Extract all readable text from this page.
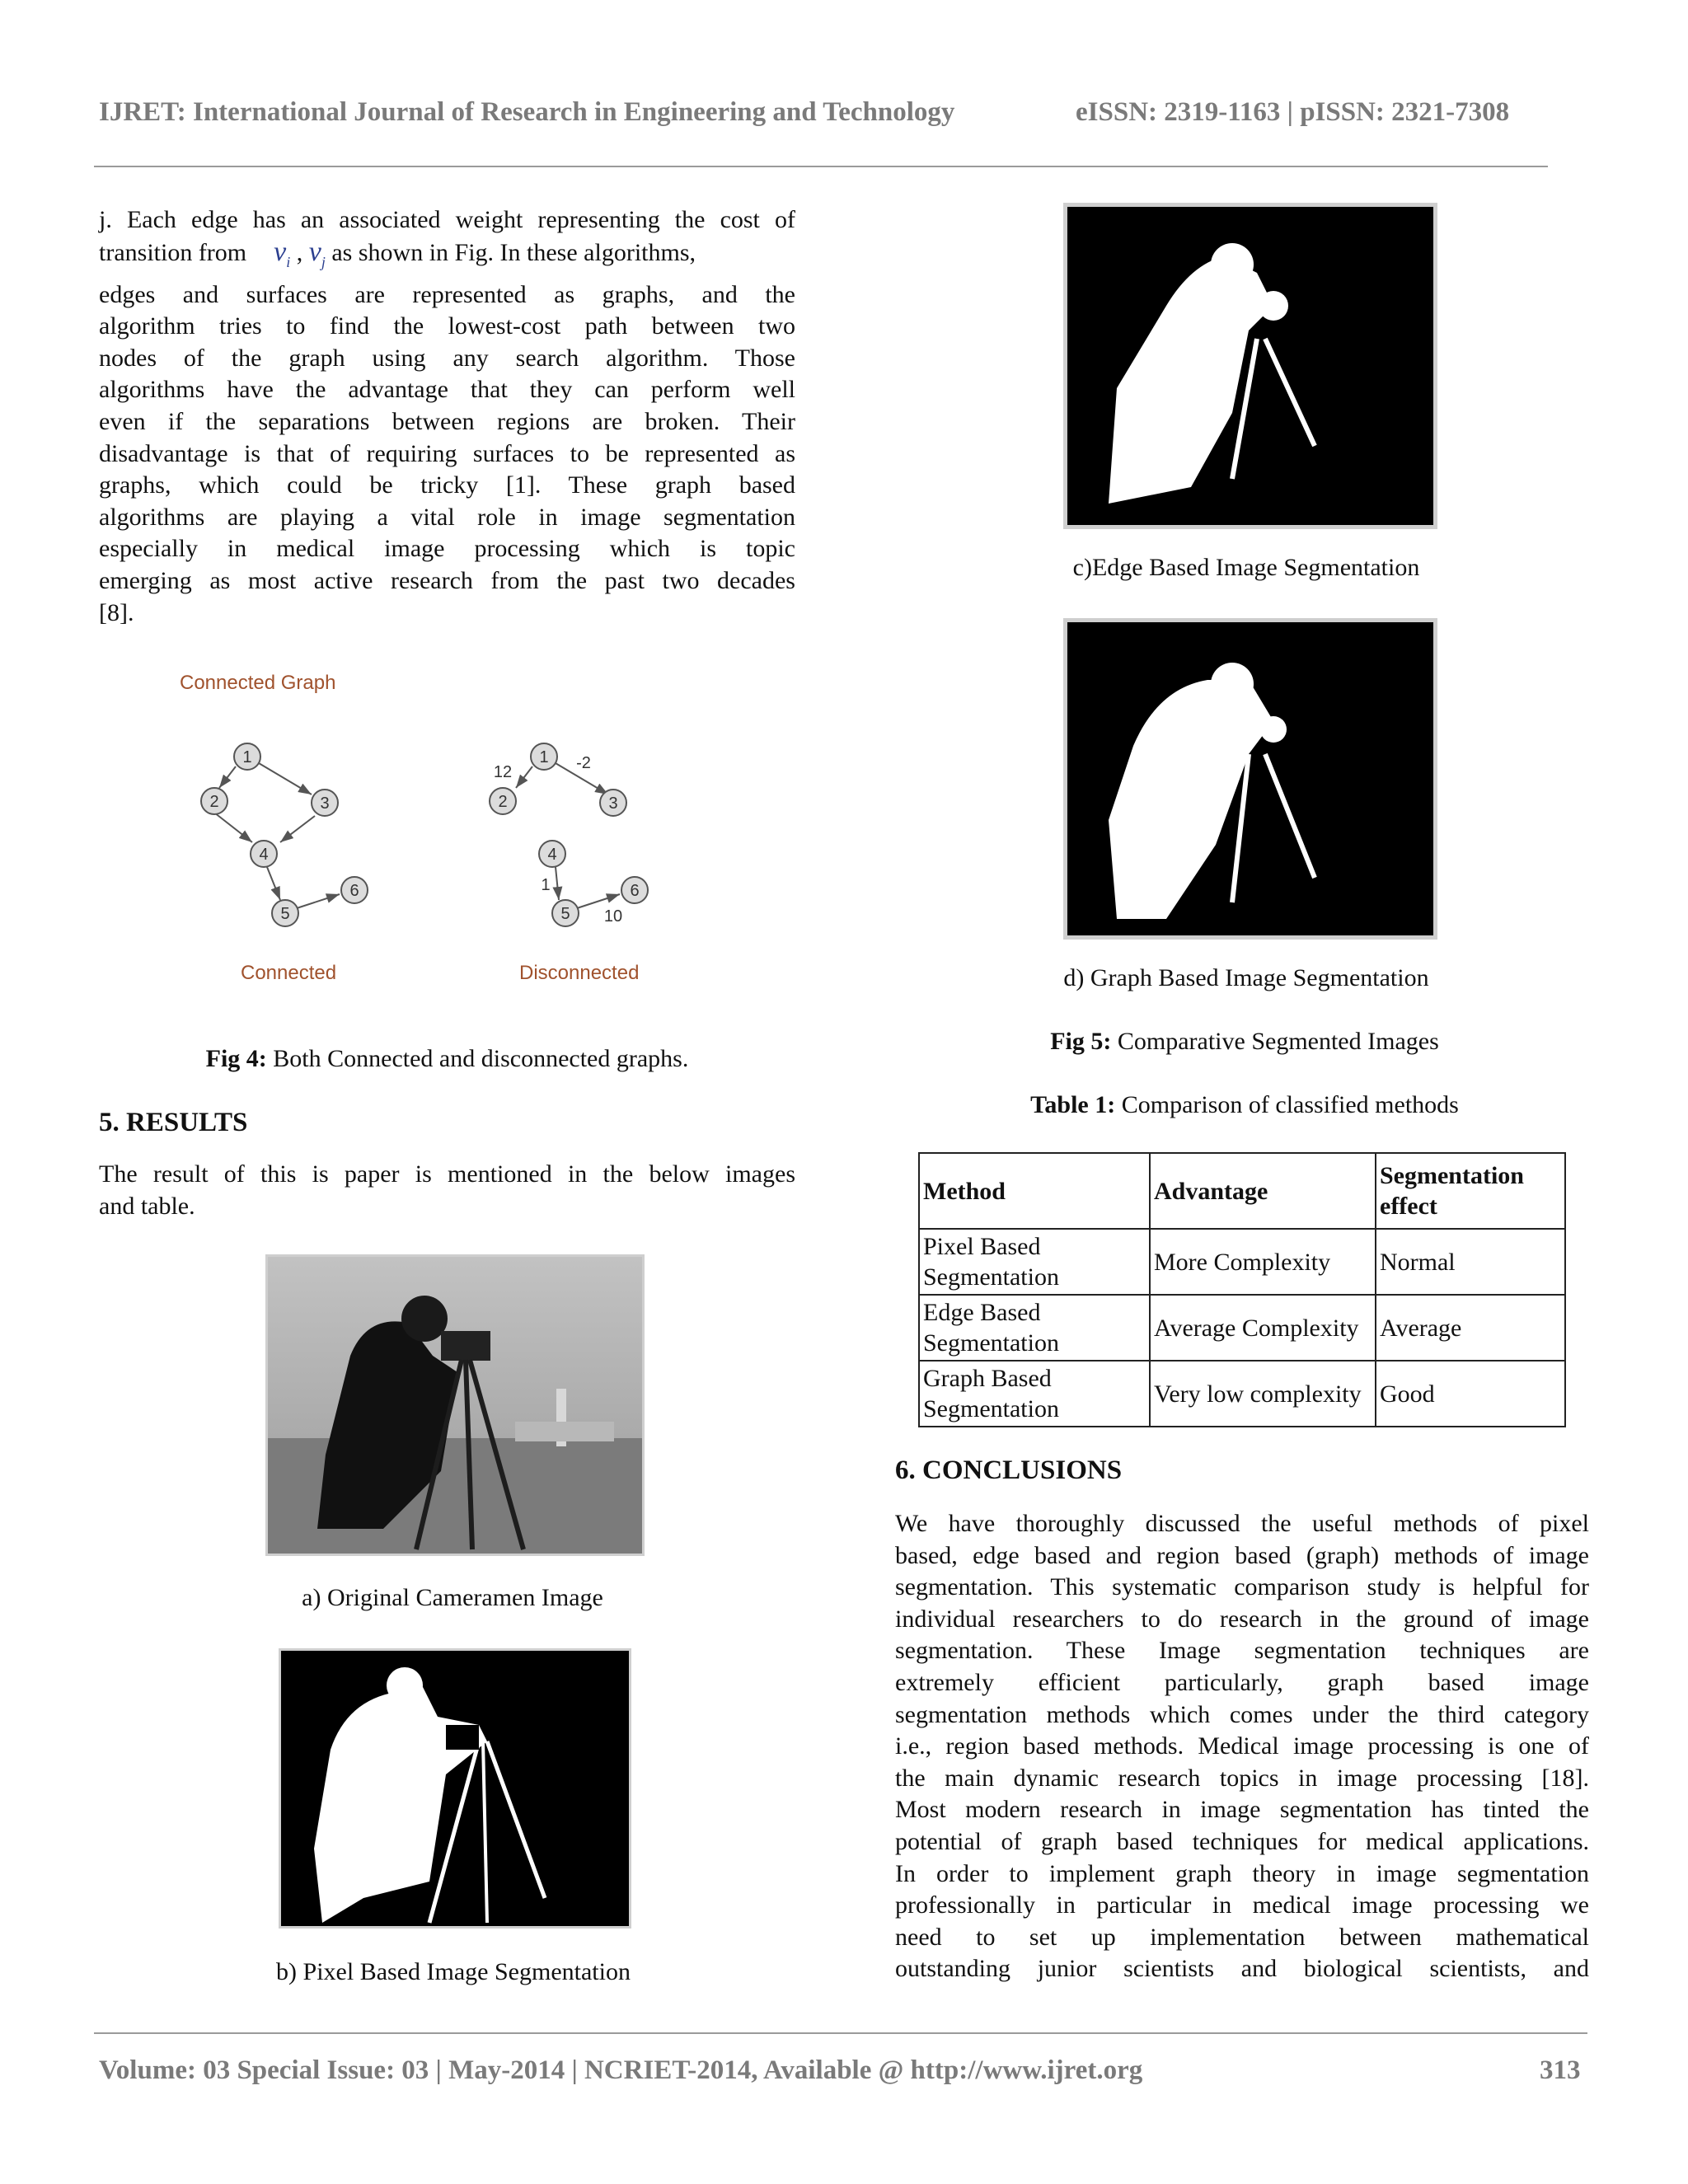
IJRET: International Journal of Research in Engineering and Technology	eISSN: 2319-1163 | pISSN: 2321-7308
j. Each edge has an associated weight representing the cost of
transition from $v_i$ , $v_j$ as shown in Fig. In these algorithms,
edges and surfaces are represented as graphs, and the
algorithm tries to find the lowest-cost path between two
nodes of the graph using any search algorithm. Those
algorithms have the advantage that they can perform well
even if the separations between regions are broken. Their
disadvantage is that of requiring surfaces to be represented as
graphs, which could be tricky [1]. These graph based
algorithms are playing a vital role in image segmentation
especially in medical image processing which is topic
emerging as most active research from the past two decades
[8].
Connected Graph
1
2	3
4
5
6
Connected
1
2	3
4
5
6
12	-2
1
10
Disconnected
Fig 4: Both Connected and disconnected graphs.
5. RESULTS
The result of this is paper is mentioned in the below images
and table.
a) Original Cameramen Image
b) Pixel Based Image Segmentation
c)Edge Based Image Segmentation
d) Graph Based Image Segmentation
Fig 5: Comparative Segmented Images
Table 1: Comparison of classified methods
Method	Advantage	Segmentation effect
Pixel Based Segmentation	More Complexity	Normal
Edge Based Segmentation	Average Complexity	Average
Graph Based Segmentation	Very low complexity	Good
6. CONCLUSIONS
We have thoroughly discussed the useful methods of pixel
based, edge based and region based (graph) methods of image
segmentation. This systematic comparison study is helpful for
individual researchers to do research in the ground of image
segmentation. These Image segmentation techniques are
extremely efficient particularly, graph based image
segmentation methods which comes under the third category
i.e., region based methods. Medical image processing is one of
the main dynamic research topics in image processing [18].
Most modern research in image segmentation has tinted the
potential of graph based techniques for medical applications.
In order to implement graph theory in image segmentation
professionally in particular in medical image processing we
need to set up implementation between mathematical
outstanding junior scientists and biological scientists, and
Volume: 03 Special Issue: 03 | May-2014 | NCRIET-2014, Available @ http://www.ijret.org	313
